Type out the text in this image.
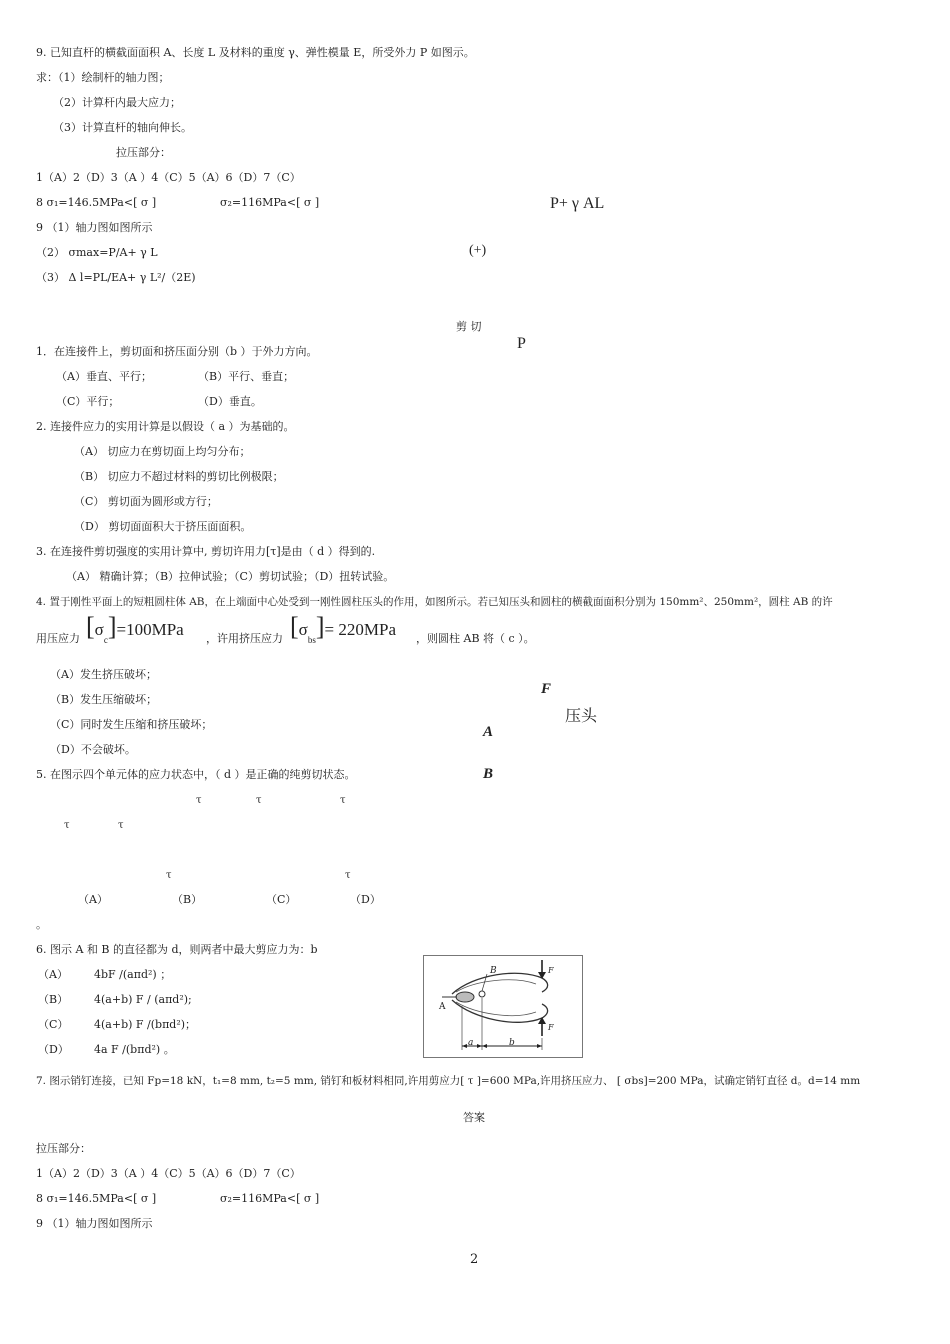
9. 已知直杆的横截面面积 A、长度 L 及材料的重度 γ、弹性模量 E，所受外力 P 如图示。
求：（1）绘制杆的轴力图；
（2）计算杆内最大应力；
（3）计算直杆的轴向伸长。
拉压部分：
1（A）2（D）3（A ）4（C）5（A）6（D）7（C）
8 σ₁=146.5MPa<[ σ ]	σ₂=116MPa<[ σ ]
9 （1）轴力图如图所示
（2） σmax=P/A+ γ L
（3） Δ l=PL/EA+ γ L²/（2E)
P+ γ AL
(+)
P
剪 切
1．在连接件上，剪切面和挤压面分别（b ）于外力方向。
（A）垂直、平行；	（B）平行、垂直；
（C）平行；	（D）垂直。
2. 连接件应力的实用计算是以假设（ a ）为基础的。
（A） 切应力在剪切面上均匀分布；
（B） 切应力不超过材料的剪切比例极限；
（C） 剪切面为圆形或方行；
（D） 剪切面面积大于挤压面面积。
3. 在连接件剪切强度的实用计算中, 剪切许用力[τ]是由（ d ）得到的.
（A） 精确计算；（B）拉伸试验；（C）剪切试验；（D）扭转试验。
4. 置于刚性平面上的短粗圆柱体 AB，在上端面中心处受到一刚性圆柱压头的作用，如图所示。若已知压头和圆柱的横截面面积分别为 150mm²、250mm²，圆柱 AB 的许
用压应力 $[\sigma_c]=100MPa$ ，许用挤压应力 $[\sigma_{bs}]= 220MPa$ ，则圆柱 AB 将（ c ）。
（A）发生挤压破坏；
（B）发生压缩破坏；
（C）同时发生压缩和挤压破坏；
（D）不会破坏。
F
压头
A
B
5. 在图示四个单元体的应力状态中，（ d ）是正确的纯剪切状态。
τ	τ	τ
τ	τ
τ	τ
（A）	（B）	（C）	（D）
。
6. 图示 A 和 B 的直径都为 d，则两者中最大剪应力为：b
（A） 4bF /(aπd²) ；
（B） 4(a+b) F / (aπd²);
（C） 4(a+b) F /(bπd²)；
（D） 4a F /(bπd²) 。
B
A
F
F
a	b
7. 图示销钉连接，已知 Fp=18 kN，t₁=8 mm, t₂=5 mm, 销钉和板材料相同,许用剪应力[ τ ]=600 MPa,许用挤压应力、 [ σbs]=200 MPa，试确定销钉直径 d。d=14 mm
答案
拉压部分：
1（A）2（D）3（A ）4（C）5（A）6（D）7（C）
8 σ₁=146.5MPa<[ σ ]	σ₂=116MPa<[ σ ]
9 （1）轴力图如图所示
2
